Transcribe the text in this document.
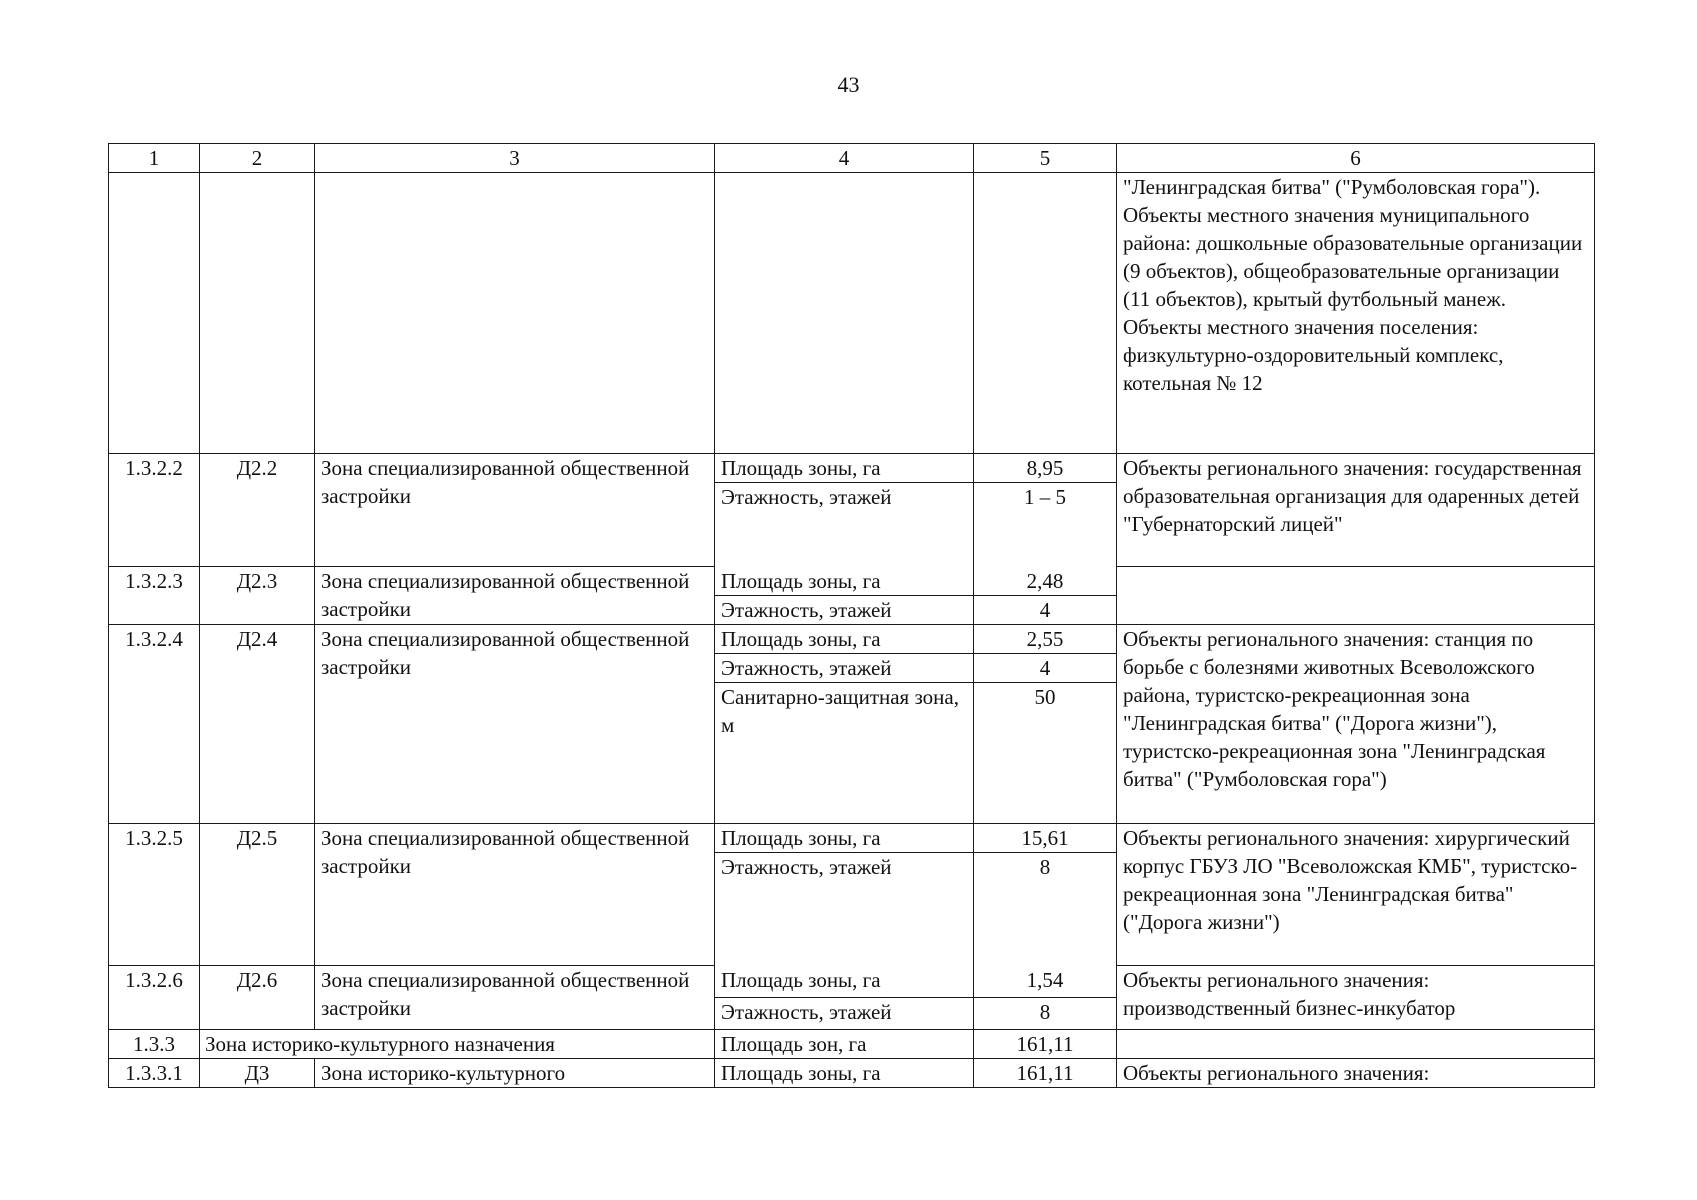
43
1	2	3	4	5	6
					"Ленинградская битва" ("Румболовская гора").
Объекты местного значения муниципального района: дошкольные образовательные организации (9 объектов), общеобразовательные организации (11 объектов), крытый футбольный манеж.
Объекты местного значения поселения: физкультурно-оздоровительный комплекс, котельная № 12
1.3.2.2	Д2.2	Зона специализированной общественной застройки	Площадь зоны, га	8,95	Объекты регионального значения: государственная образовательная организация для одаренных детей "Губернаторский лицей"
			Этажность, этажей	1 – 5	
1.3.2.3	Д2.3	Зона специализированной общественной застройки	Площадь зоны, га	2,48	
			Этажность, этажей	4	
1.3.2.4	Д2.4	Зона специализированной общественной застройки	Площадь зоны, га	2,55	Объекты регионального значения: станция по борьбе с болезнями животных Всеволожского района, туристско-рекреационная зона "Ленинградская битва" ("Дорога жизни"), туристско-рекреационная зона "Ленинградская битва" ("Румболовская гора")
			Этажность, этажей	4	
			Санитарно-защитная зона, м	50	
1.3.2.5	Д2.5	Зона специализированной общественной застройки	Площадь зоны, га	15,61	Объекты регионального значения: хирургический корпус ГБУЗ ЛО "Всеволожская КМБ", туристско-рекреационная зона "Ленинградская битва" ("Дорога жизни")
			Этажность, этажей	8	
1.3.2.6	Д2.6	Зона специализированной общественной застройки	Площадь зоны, га	1,54	Объекты регионального значения: производственный бизнес-инкубатор
			Этажность, этажей	8	
1.3.3	Зона историко-культурного назначения		Площадь зон, га	161,11	
1.3.3.1	Д3	Зона историко-культурного	Площадь зоны, га	161,11	Объекты регионального значения:
